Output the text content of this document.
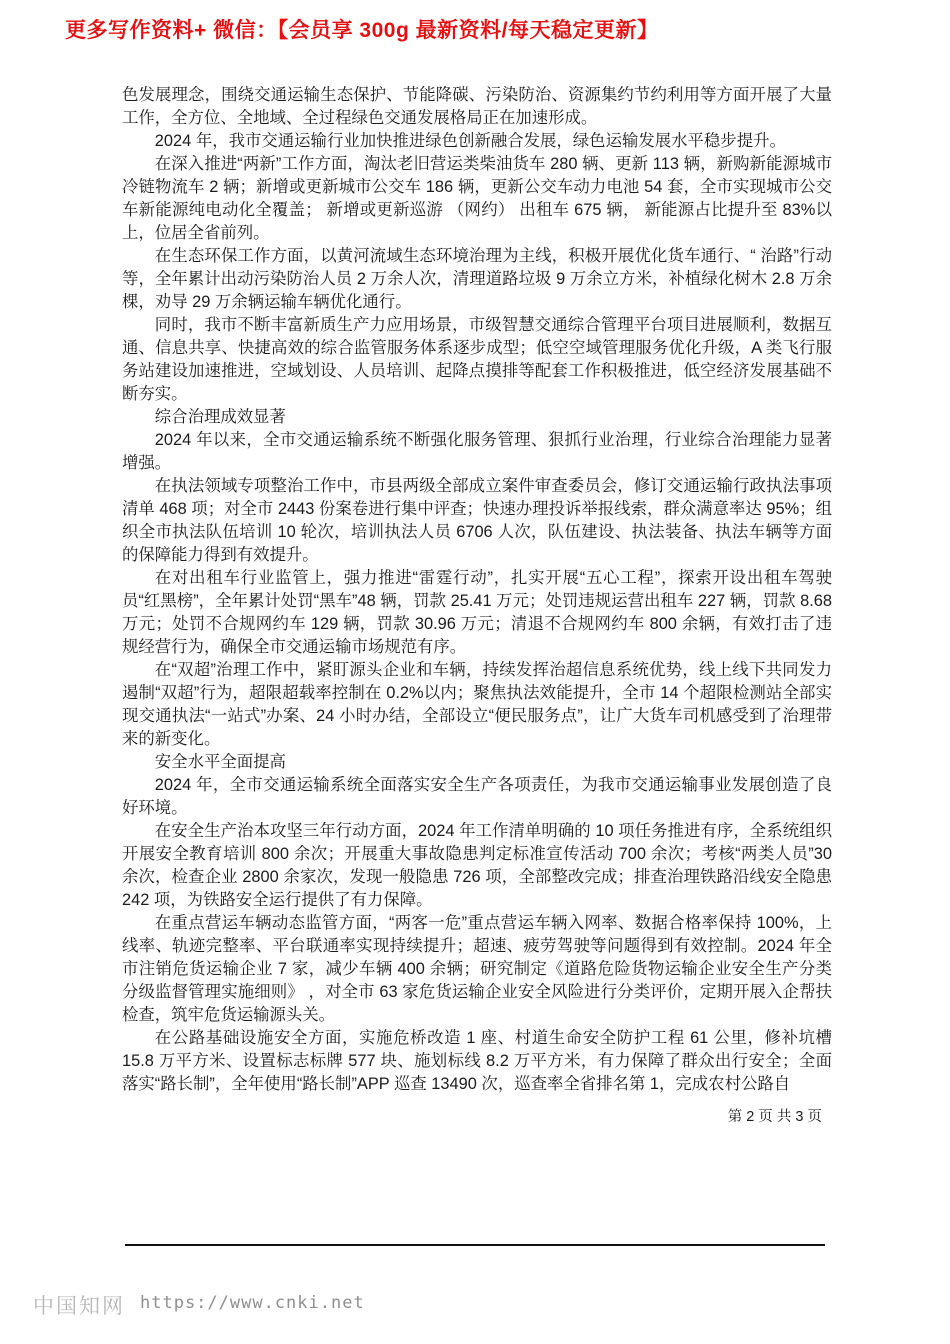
更多写作资料+ 微信：【会员享 300g 最新资料/每天稳定更新】

色发展理念，围绕交通运输生态保护、节能降碳、污染防治、资源集约节约利用等方面开展了大量工作，全方位、全地域、全过程绿色交通发展格局正在加速形成。

2024 年，我市交通运输行业加快推进绿色创新融合发展，绿色运输发展水平稳步提升。

在深入推进“两新”工作方面，淘汰老旧营运类柴油货车 280 辆、更新 113 辆，新购新能源城市冷链物流车 2 辆；新增或更新城市公交车 186 辆，更新公交车动力电池 54 套，全市实现城市公交车新能源纯电动化全覆盖； 新增或更新巡游 （网约） 出租车 675 辆， 新能源占比提升至 83%以上，位居全省前列。

在生态环保工作方面，以黄河流域生态环境治理为主线，积极开展优化货车通行、“ 治路”行动等，全年累计出动污染防治人员 2 万余人次，清理道路垃圾 9 万余立方米，补植绿化树木 2.8 万余棵，劝导 29 万余辆运输车辆优化通行。

同时，我市不断丰富新质生产力应用场景，市级智慧交通综合管理平台项目进展顺利，数据互通、信息共享、快捷高效的综合监管服务体系逐步成型；低空空域管理服务优化升级，A 类飞行服务站建设加速推进，空域划设、人员培训、起降点摸排等配套工作积极推进，低空经济发展基础不断夯实。

综合治理成效显著

2024 年以来，全市交通运输系统不断强化服务管理、狠抓行业治理，行业综合治理能力显著增强。

在执法领域专项整治工作中，市县两级全部成立案件审查委员会，修订交通运输行政执法事项清单 468 项；对全市 2443 份案卷进行集中评查；快速办理投诉举报线索，群众满意率达 95%；组织全市执法队伍培训 10 轮次，培训执法人员 6706 人次，队伍建设、执法装备、执法车辆等方面的保障能力得到有效提升。

在对出租车行业监管上，强力推进“雷霆行动”，扎实开展“五心工程”，探索开设出租车驾驶员“红黑榜”，全年累计处罚“黑车”48 辆，罚款 25.41 万元；处罚违规运营出租车 227 辆，罚款 8.68 万元；处罚不合规网约车 129 辆，罚款 30.96 万元；清退不合规网约车 800 余辆，有效打击了违规经营行为，确保全市交通运输市场规范有序。

在“双超”治理工作中，紧盯源头企业和车辆，持续发挥治超信息系统优势，线上线下共同发力遏制“双超”行为，超限超载率控制在 0.2%以内；聚焦执法效能提升，全市 14 个超限检测站全部实现交通执法“一站式”办案、24 小时办结，全部设立“便民服务点”，让广大货车司机感受到了治理带来的新变化。

安全水平全面提高

2024 年，全市交通运输系统全面落实安全生产各项责任，为我市交通运输事业发展创造了良好环境。

在安全生产治本攻坚三年行动方面，2024 年工作清单明确的 10 项任务推进有序，全系统组织开展安全教育培训 800 余次；开展重大事故隐患判定标准宣传活动 700 余次；考核“两类人员”30 余次，检查企业 2800 余家次，发现一般隐患 726 项，全部整改完成；排查治理铁路沿线安全隐患 242 项，为铁路安全运行提供了有力保障。

在重点营运车辆动态监管方面，“两客一危”重点营运车辆入网率、数据合格率保持 100%，上线率、轨迹完整率、平台联通率实现持续提升；超速、疲劳驾驶等问题得到有效控制。2024 年全市注销危货运输企业 7 家，减少车辆 400 余辆；研究制定《道路危险货物运输企业安全生产分类分级监督管理实施细则》 ，对全市 63 家危货运输企业安全风险进行分类评价，定期开展入企帮扶检查，筑牢危货运输源头关。

在公路基础设施安全方面，实施危桥改造 1 座、村道生命安全防护工程 61 公里，修补坑槽 15.8 万平方米、设置标志标牌 577 块、施划标线 8.2 万平方米，有力保障了群众出行安全；全面落实“路长制”，全年使用“路长制”APP 巡查 13490 次，巡查率全省排名第 1，完成农村公路自

第 2 页 共 3 页
中国知网 https://www.cnki.net
